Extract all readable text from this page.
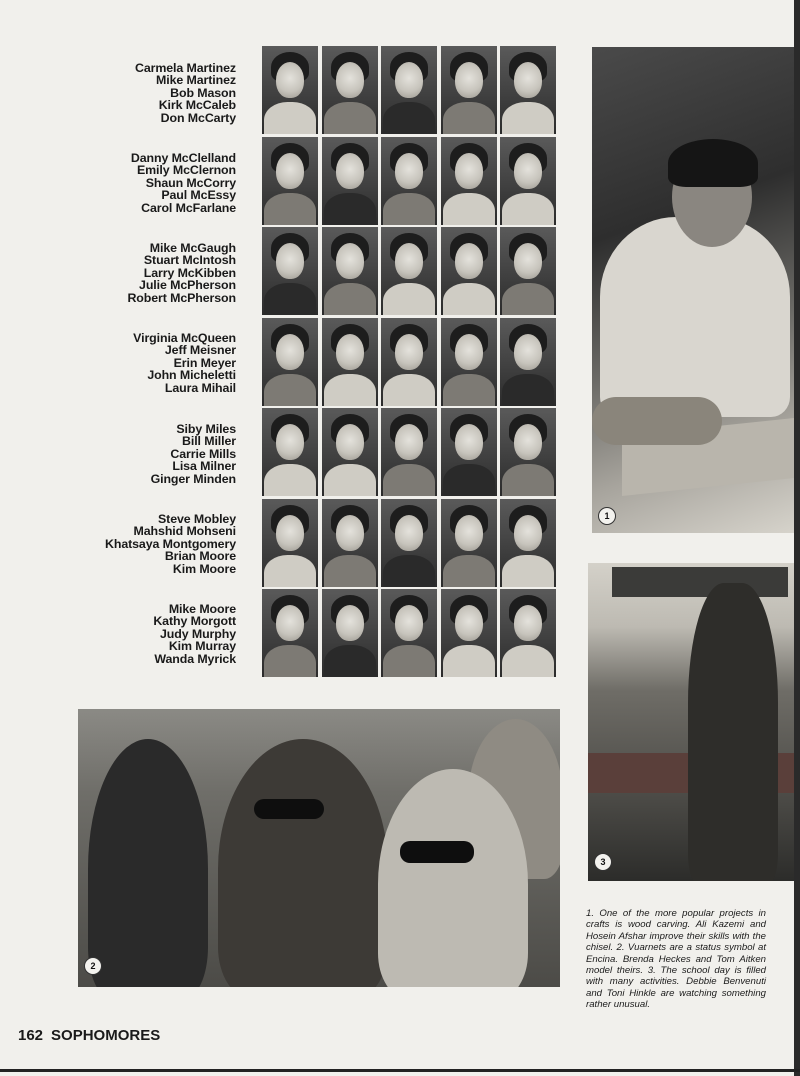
Carmela Martinez
Mike Martinez
Bob Mason
Kirk McCaleb
Don McCarty
Danny McClelland
Emily McClernon
Shaun McCorry
Paul McEssy
Carol McFarlane
Mike McGaugh
Stuart McIntosh
Larry McKibben
Julie McPherson
Robert McPherson
Virginia McQueen
Jeff Meisner
Erin Meyer
John Micheletti
Laura Mihail
Siby Miles
Bill Miller
Carrie Mills
Lisa Milner
Ginger Minden
Steve Mobley
Mahshid Mohseni
Khatsaya Montgomery
Brian Moore
Kim Moore
Mike Moore
Kathy Morgott
Judy Murphy
Kim Murray
Wanda Myrick
1
3
2
1. One of the more popular projects in crafts is wood carving. Ali Kazemi and Hosein Afshar improve their skills with the chisel. 2. Vuarnets are a status symbol at Encina. Brenda Heckes and Tom Aitken model theirs. 3. The school day is filled with many activities. Debbie Benvenuti and Toni Hinkle are watching something rather unusual.
162 SOPHOMORES
